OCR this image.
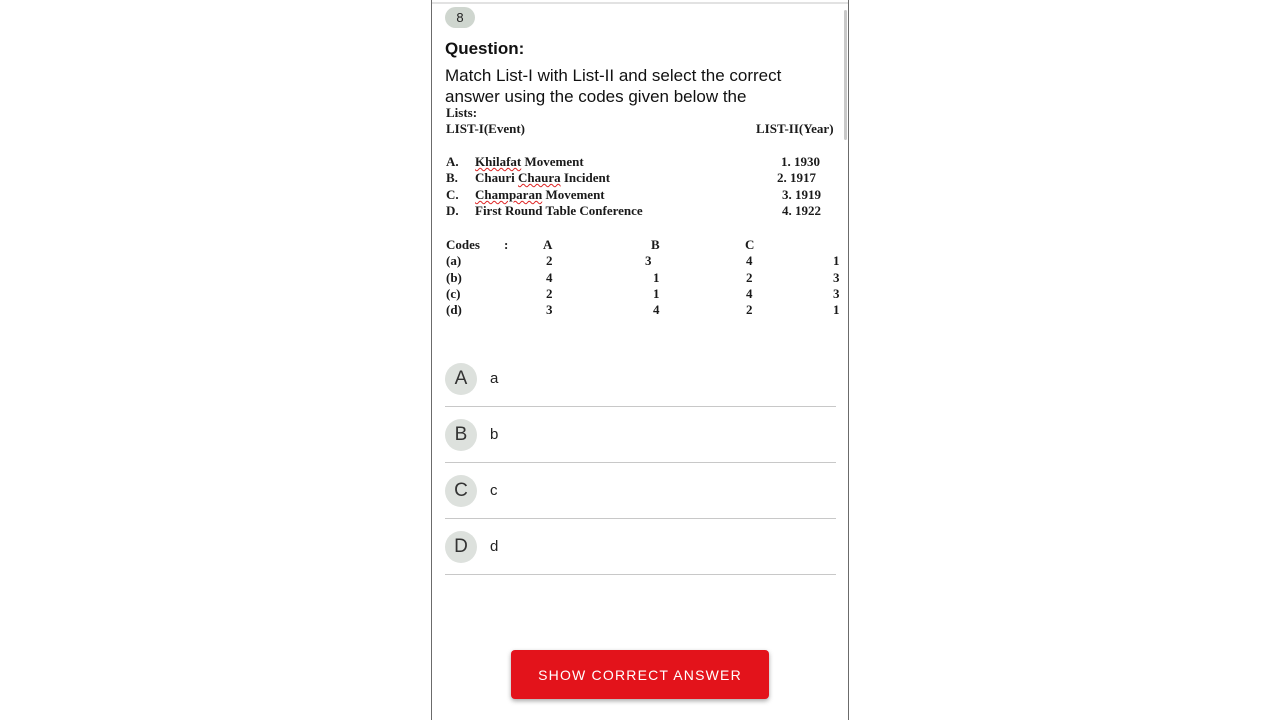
8
Question:
Match List-I with List-II and select the correct answer using the codes given below the
Lists:
LIST-I(Event)	LIST-II(Year)
A. Khilafat Movement	1. 1930
B. Chauri Chaura Incident	2. 1917
C. Champaran Movement	3. 1919
D. First Round Table Conference	4. 1922
Codes :	A	B	C
(a)	2	3	4	1
(b)	4	1	2	3
(c)	2	1	4	3
(d)	3	4	2	1
A	a
B	b
C	c
D	d
SHOW CORRECT ANSWER
